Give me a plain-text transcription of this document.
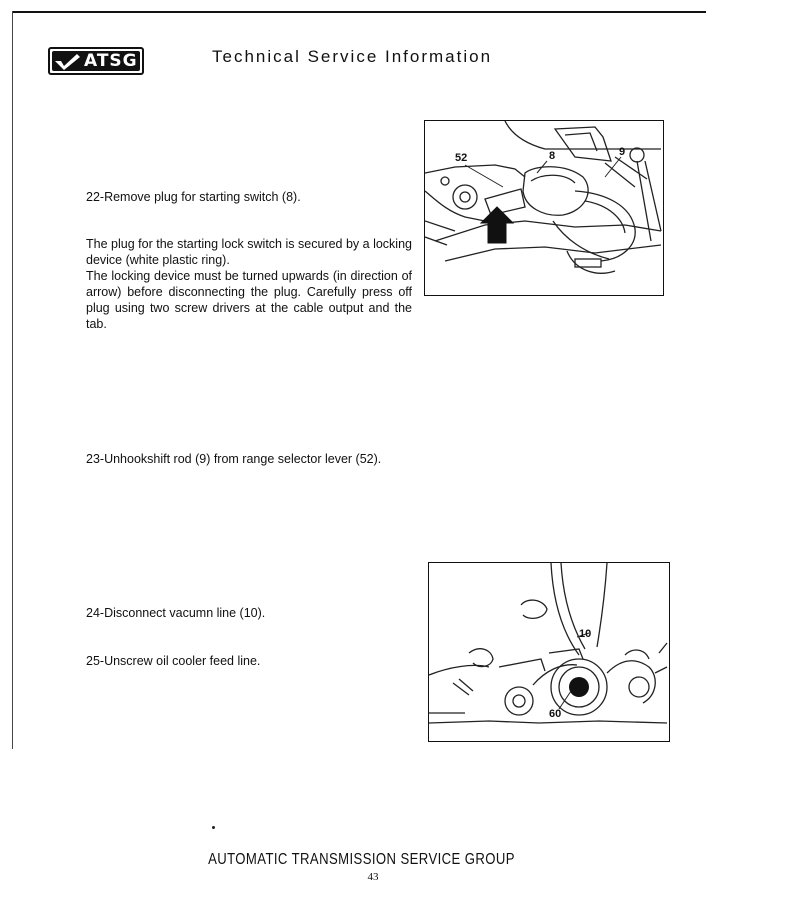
ATSG	Technical Service Information
22-Remove plug for starting switch (8).
The plug for the starting lock switch is secured by a locking device (white plastic ring).
The locking device must be turned upwards (in direction of arrow) before disconnecting the plug. Carefully press off plug using two screw drivers at the cable output and the tab.
23-Unhookshift rod (9) from range selector lever (52).
24-Disconnect vacumn line (10).
25-Unscrew oil cooler feed line.
52	8	9
10
60
AUTOMATIC TRANSMISSION SERVICE GROUP
43
